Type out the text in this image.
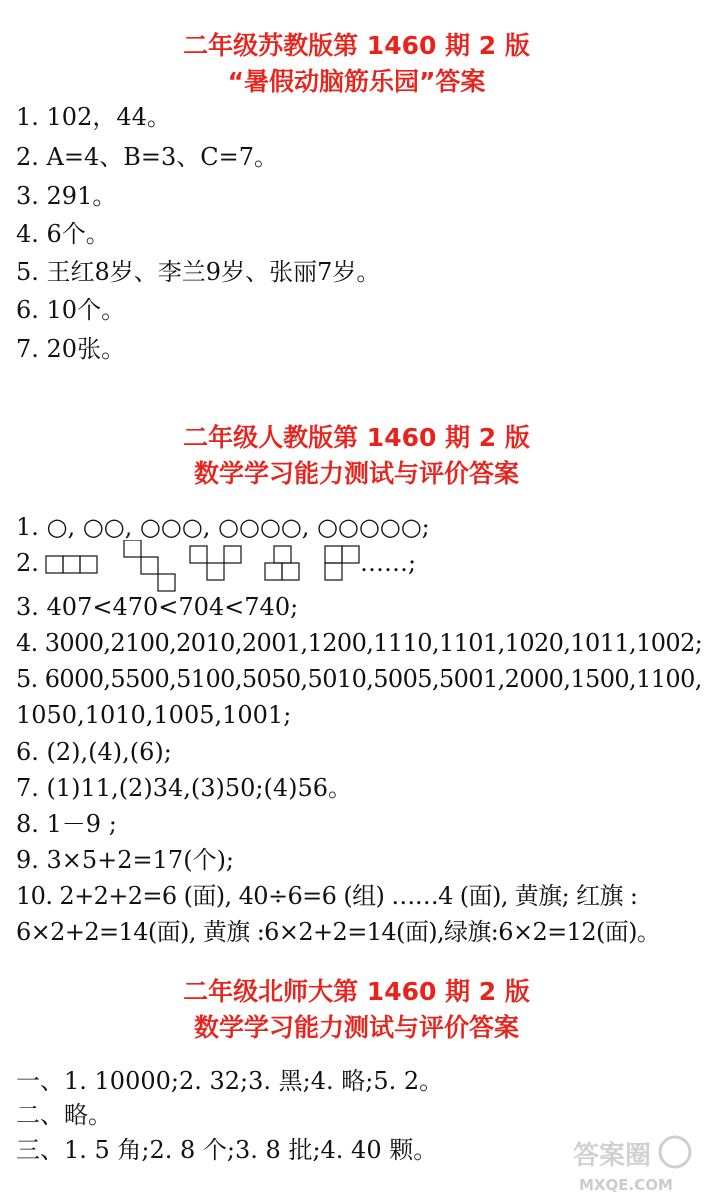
二年级苏教版第 1460 期 2 版
“暑假动脑筋乐园”答案
1. 102，44。
2. A=4、B=3、C=7。
3. 291。
4. 6个。
5. 王红8岁、李兰9岁、张丽7岁。
6. 10个。
7. 20张。
二年级人教版第 1460 期 2 版
数学学习能力测试与评价答案
1. ○, ○○, ○○○, ○○○○, ○○○○○;
2.	……;
3. 407<470<704<740;
4. 3000,2100,2010,2001,1200,1110,1101,1020,1011,1002;
5. 6000,5500,5100,5050,5010,5005,5001,2000,1500,1100,
1050,1010,1005,1001;
6. (2),(4),(6);
7. (1)11,(2)34,(3)50;(4)56。
8. 1－9 ;
9. 3×5+2=17(个);
10. 2+2+2=6 (面), 40÷6=6 (组) ……4 (面), 黄旗; 红旗 :
6×2+2=14(面), 黄旗 :6×2+2=14(面),绿旗:6×2=12(面)。
二年级北师大第 1460 期 2 版
数学学习能力测试与评价答案
一、1. 10000;2. 32;3. 黑;4. 略;5. 2。
二、略。
三、1. 5 角;2. 8 个;3. 8 批;4. 40 颗。	答案圈
MXQE.COM
